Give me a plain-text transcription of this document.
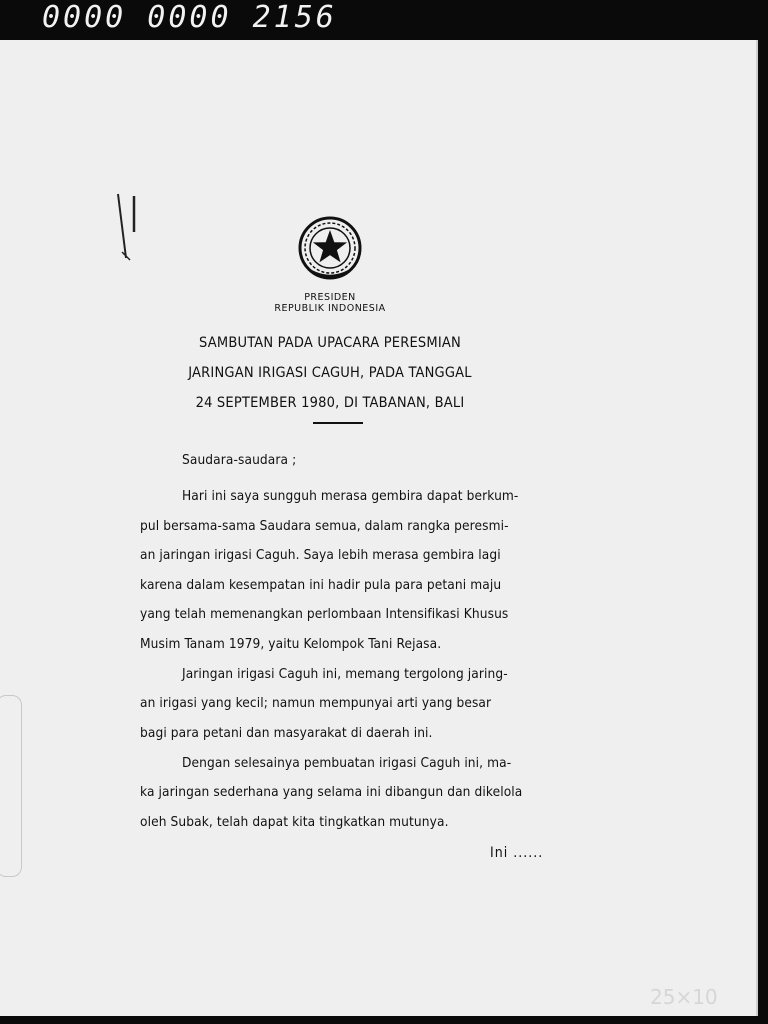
0000 0000 2156
PRESIDEN
REPUBLIK INDONESIA
SAMBUTAN PADA UPACARA PERESMIAN
JARINGAN IRIGASI CAGUH, PADA TANGGAL
24 SEPTEMBER 1980, DI TABANAN, BALI
Saudara-saudara ;
Hari ini saya sungguh merasa gembira dapat berkum-
pul bersama-sama Saudara semua, dalam rangka peresmi-
an jaringan irigasi Caguh. Saya lebih merasa gembira lagi
karena dalam kesempatan ini hadir pula para petani maju
yang telah memenangkan perlombaan Intensifikasi Khusus
Musim Tanam 1979, yaitu Kelompok Tani Rejasa.
Jaringan irigasi Caguh ini, memang tergolong jaring-
an irigasi yang kecil; namun mempunyai arti yang besar
bagi para petani dan masyarakat di daerah ini.
Dengan selesainya pembuatan irigasi Caguh ini, ma-
ka jaringan sederhana yang selama ini dibangun dan dikelola
oleh Subak, telah dapat kita tingkatkan mutunya.
Ini ......
25×10
